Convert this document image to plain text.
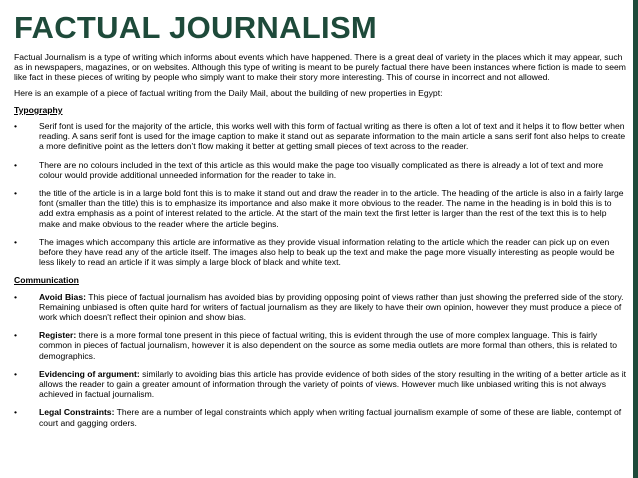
FACTUAL JOURNALISM

Factual Journalism is a type of writing which informs about events which have happened. There is a great deal of variety in the places which it may appear, such as in newspapers, magazines, or on websites. Although this type of writing is meant to be purely factual there have been instances where fiction is made to seem like fact in these pieces of writing by people who simply want to make their story more interesting. This of course in incorrect and not allowed.

Here is an example of a piece of factual writing from the Daily Mail, about the building of new properties in Egypt:

Typography
•	Serif font is used for the majority of the article, this works well with this form of factual writing as there is often a lot of text and it helps it to flow better when reading. A sans serif font is used for the image caption to make it stand out as separate information to the main article a sans serif font also helps to create a more definitive point as the letters don’t flow making it better at getting small pieces of text across to the reader.
•	There are no colours included in the text of this article as this would make the page too visually complicated as there is already a lot of text and more colour would provide additional unneeded information for the reader to take in.
•	the title of the article is in a large bold font this is to make it stand out and draw the reader in to the article. The heading of the article is also in a fairly large font (smaller than the title) this is to emphasize its importance and also make it more obvious to the reader. The name in the heading is in bold this is to add extra emphasis as a point of interest related to the article. At the start of the main text the first letter is larger than the rest of the text this is to help make and make obvious to the reader where the article begins.
•	The images which accompany this article are informative as they provide visual information relating to the article which the reader can pick up on even before they have read any of the article itself. The images also help to beak up the text and make the page more visually interesting as people would be less likely to read an article if it was simply a large block of black and white text.
Communication
•	Avoid Bias: This piece of factual journalism has avoided bias by providing opposing point of views rather than just showing the preferred side of the story. Remaining unbiased is often quite hard for writers of factual journalism as they are likely to have their own opinion, however they must produce a piece of work which doesn't reflect their opinion and show bias.
•	Register: there is a more formal tone present in this piece of factual writing, this is evident through the use of more complex language. This is fairly common in pieces of factual journalism, however it is also dependent on the source as some media outlets are more formal than others, this is related to demographics.
•	Evidencing of argument: similarly to avoiding bias this article has provide evidence of both sides of the story resulting in the writing of a better article as it allows the reader to gain a greater amount of information through the variety of points of views. However much like unbiased writing this is not always achieved in factual journalism.
•	Legal Constraints: There are a number of legal constraints which apply when writing factual journalism example of some of these are liable, contempt of court and gagging orders.
